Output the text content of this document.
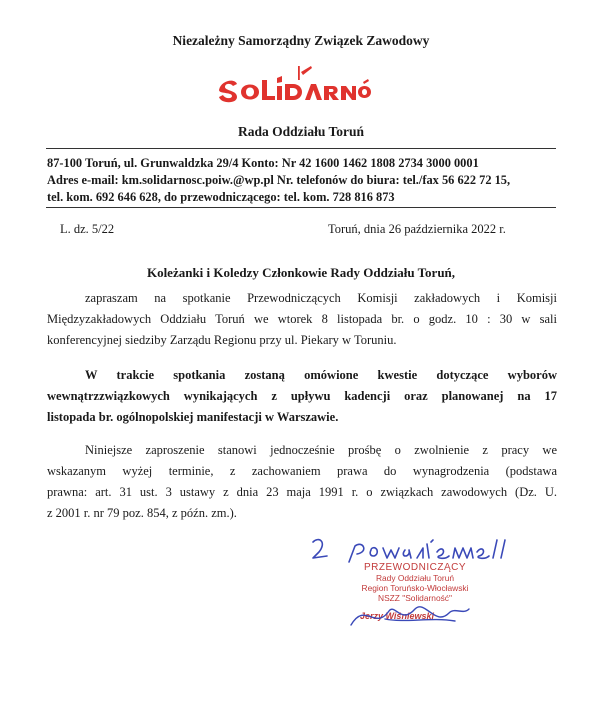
Niezależny Samorządny Związek Zawodowy
Rada Oddziału Toruń
87-100 Toruń, ul. Grunwaldzka 29/4 Konto: Nr 42 1600 1462 1808 2734 3000 0001
Adres e-mail: km.solidarnosc.poiw.@wp.pl Nr. telefonów do biura: tel./fax 56 622 72 15,
tel. kom. 692 646 628, do przewodniczącego: tel. kom. 728 816 873
L. dz. 5/22	Toruń, dnia 26 października 2022 r.
Koleżanki i Koledzy Członkowie Rady Oddziału Toruń,
zapraszam na spotkanie Przewodniczących Komisji zakładowych i Komisji
Międzyzakładowych Oddziału Toruń we wtorek 8 listopada br. o godz. 10 : 30 w sali
konferencyjnej siedziby Zarządu Regionu przy ul. Piekary w Toruniu.
W trakcie spotkania zostaną omówione kwestie dotyczące wyborów
wewnątrzzwiązkowych wynikających z upływu kadencji oraz planowanej na 17
listopada br. ogólnopolskiej manifestacji w Warszawie.
Niniejsze zaproszenie stanowi jednocześnie prośbę o zwolnienie z pracy we
wskazanym wyżej terminie, z zachowaniem prawa do wynagrodzenia (podstawa
prawna: art. 31 ust. 3 ustawy z dnia 23 maja 1991 r. o związkach zawodowych (Dz. U.
z 2001 r. nr 79 poz. 854, z późn. zm.).
PRZEWODNICZĄCY
Rady Oddziału Toruń
Region Toruńsko-Włocławski
NSZZ "Solidarność"
Jerzy Wiśniewski
